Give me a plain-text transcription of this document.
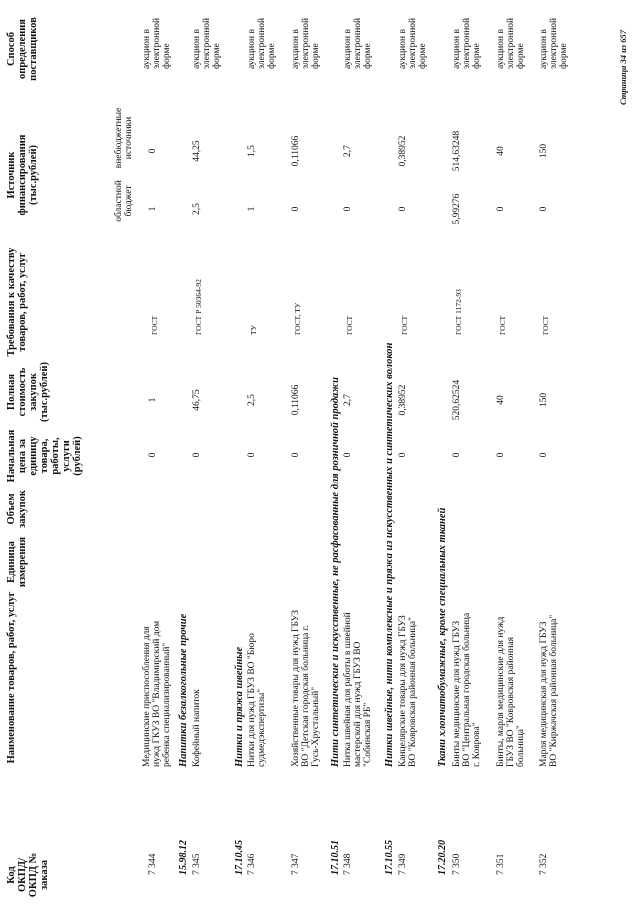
Код ОКПД/ ОКПД № заказа
Наименование товаров, работ, услуг
Единица измерения
Объем закупок
Начальная цена за единицу товара, работы, услуги (рублей)
Полная стоимость закупок (тыс.рублей)
Требования к качеству товаров, работ, услуг
Источник финансирования (тыс.рублей)	областной бюджет
внебюджетные источники
Способ определения поставщиков
7 344
Медицинские приспособления для нужд ГКУЗ ВО "Владимирский дом ребенка специализированный"
0
1
ГОСТ
1
0
аукцион в электронной форме
15.98.12
Напитки безалкогольные прочие
7 345
Кофейный напиток
0
46,75
ГОСТ Р 50364-92
2,5
44,25
аукцион в электронной форме
17.10.45
Нитки и пряжа швейные
7 346
Нитки для нужд ГБУЗ ВО "Бюро судмедэкспертизы"
0
2,5
ТУ
1
1,5
аукцион в электронной форме
7 347
Хозяйственные товары для нужд ГБУЗ ВО "Детская городская больница г. Гусь-Хрустальный"
0
0,11066
ГОСТ, ТУ
0
0,11066
аукцион в электронной форме
17.10.51
Нити синтетические и искусственные, не расфасованные для розничной продажи
7 348
Нитка швейная для работы в швейной мастерской для нужд ГБУЗ ВО "Собинская РБ"
0
2,7
ГОСТ
0
2,7
аукцион в электронной форме
17.10.55
Нитки швейные, нити комплексные и пряжа из искусственных и синтетических волокон
7 349
Канцелярские товары для нужд ГБУЗ ВО "Ковровская районная больница"
0
0,38952
ГОСТ
0
0,38952
аукцион в электронной форме
17.20.20
Ткани хлопчатобумажные, кроме специальных тканей
7 350
Бинты медицинские для нужд ГБУЗ ВО "Центральная городская больница г. Коврова"
0
520,62524
ГОСТ 1172-93
5,99276
514,63248
аукцион в электронной форме
7 351
Бинты, марля медицинские для нужд ГБУЗ ВО "Ковровская районная больница"
0
40
ГОСТ
0
40
аукцион в электронной форме
7 352
Марля медицинская для нужд ГБУЗ ВО "Киржачская районная больница"
0
150
ГОСТ
0
150
аукцион в электронной форме	Страница 34 из 657
